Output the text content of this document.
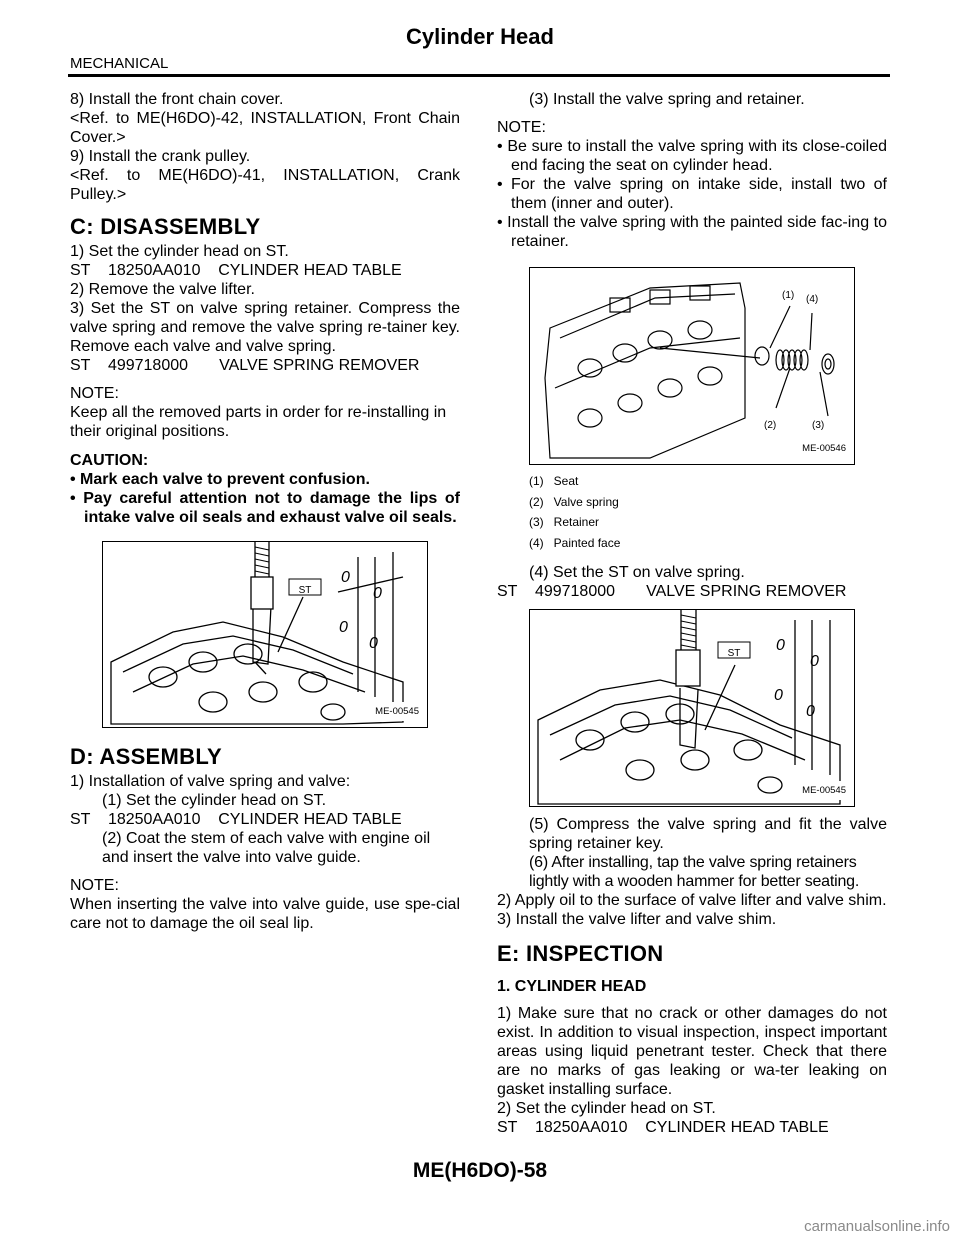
Cylinder Head
MECHANICAL

8) Install the front chain cover.

<Ref. to ME(H6DO)-42, INSTALLATION, Front Chain Cover.>

9) Install the crank pulley.

<Ref. to ME(H6DO)-41, INSTALLATION, Crank Pulley.>

C: DISASSEMBLY

1) Set the cylinder head on ST.

ST    18250AA010    CYLINDER HEAD TABLE

2) Remove the valve lifter.

3) Set the ST on valve spring retainer. Compress the valve spring and remove the valve spring re-tainer key. Remove each valve and valve spring.

ST    499718000       VALVE SPRING REMOVER

NOTE:

Keep all the removed parts in order for re-installing in their original positions.

CAUTION:

• Mark each valve to prevent confusion.

• Pay careful attention not to damage the lips of intake valve oil seals and exhaust valve oil seals.

0
0
0
0
ST
ME-00545
D: ASSEMBLY

1) Installation of valve spring and valve:

(1) Set the cylinder head on ST.

ST    18250AA010    CYLINDER HEAD TABLE

(2) Coat the stem of each valve with engine oil and insert the valve into valve guide.

NOTE:

When inserting the valve into valve guide, use spe-cial care not to damage the oil seal lip.

(3) Install the valve spring and retainer.

NOTE:

• Be sure to install the valve spring with its close-coiled end facing the seat on cylinder head.

• For the valve spring on intake side, install two of them (inner and outer).

• Install the valve spring with the painted side fac-ing to retainer.

(1) (4)
(2)	(3)
ME-00546
(1)   Seat
(2)   Valve spring
(3)   Retainer
(4)   Painted face

(4) Set the ST on valve spring.

ST    499718000       VALVE SPRING REMOVER

0
0
0
0
ST
ME-00545

(5) Compress the valve spring and fit the valve spring retainer key.

(6) After installing, tap the valve spring retainers lightly with a wooden hammer for better seating.

2) Apply oil to the surface of valve lifter and valve shim.

3) Install the valve lifter and valve shim.

E: INSPECTION
1. CYLINDER HEAD

1) Make sure that no crack or other damages do not exist. In addition to visual inspection, inspect important areas using liquid penetrant tester. Check that there are no marks of gas leaking or wa-ter leaking on gasket installing surface.

2) Set the cylinder head on ST.

ST    18250AA010    CYLINDER HEAD TABLE

ME(H6DO)-58
carmanualsonline.info
